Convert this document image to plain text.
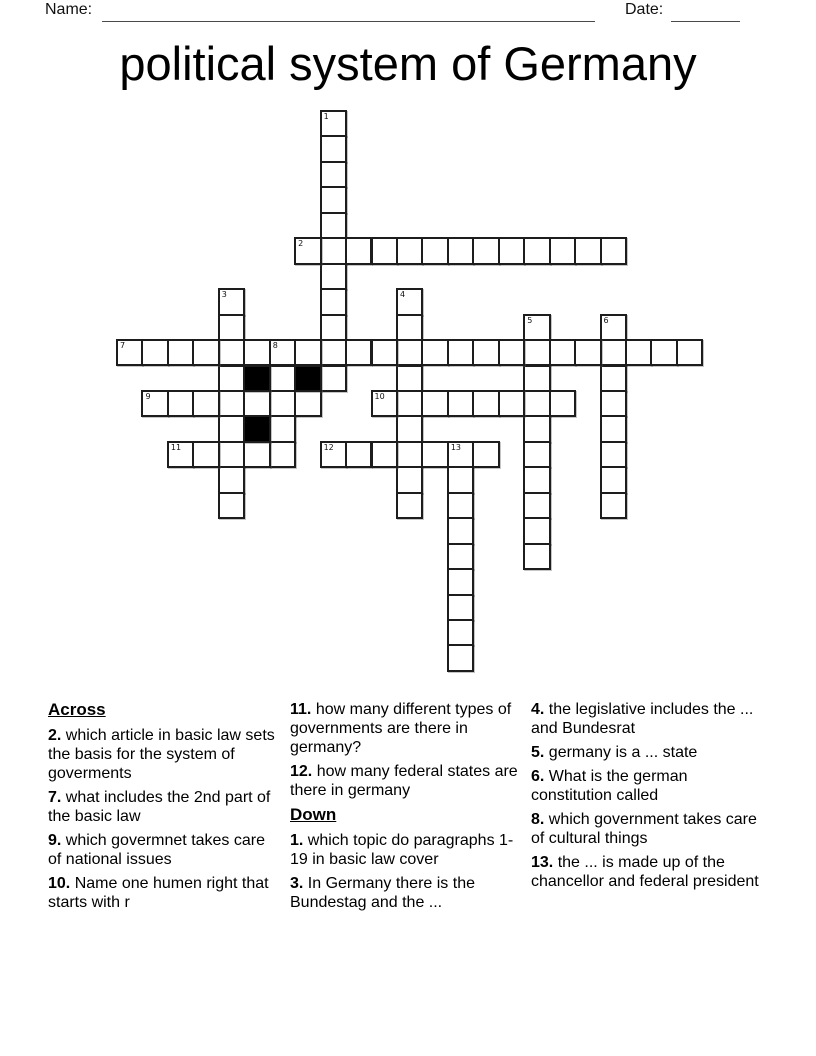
Name:	Date:
political system of Germany
1
2
3	4
5	6
7	8
9	10
11	12	13
Across
2. which article in basic law sets the basis for the system of goverments
7. what includes the 2nd part of the basic law
9. which govermnet takes care of national issues
10. Name one humen right that starts with r
11. how many different types of governments are there in germany?
12. how many federal states are there in germany
Down
1. which topic do paragraphs 1-19 in basic law cover
3. In Germany there is the Bundestag and the ...
4. the legislative includes the ... and Bundesrat
5. germany is a ... state
6. What is the german constitution called
8. which government takes care of cultural things
13. the ... is made up of the chancellor and federal president
